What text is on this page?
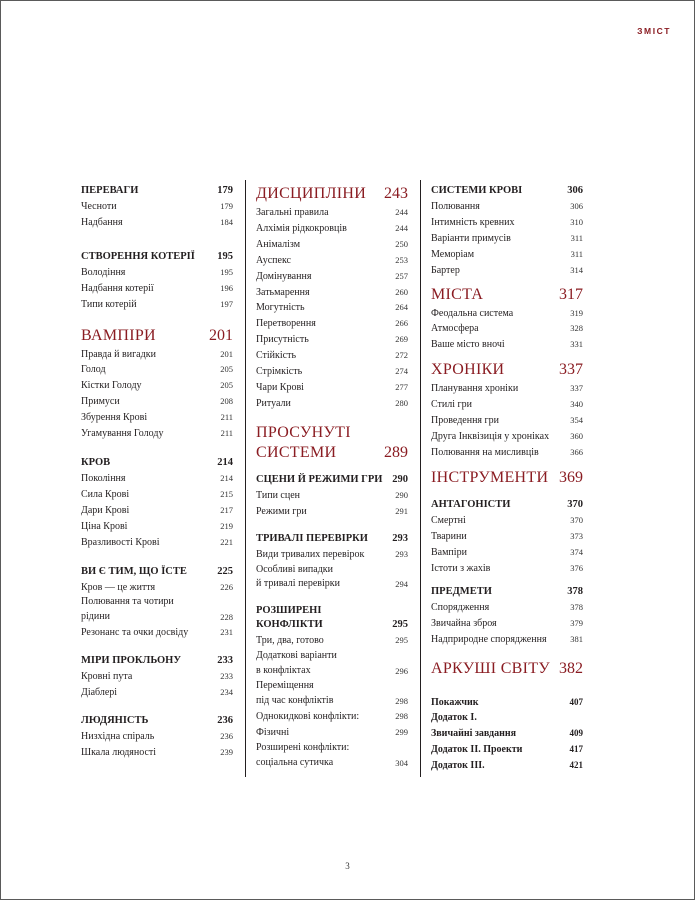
ЗМІСТ
ПЕРЕВАГИ	179
Чесноти	179
Надбання	184
СТВОРЕННЯ КОТЕРІЇ 195
Володіння	195
Надбання котерії	196
Типи котерій	197
ВАМПІРИ	201
Правда й вигадки	201
Голод	205
Кістки Голоду	205
Примуси	208
Збурення Крові	211
Угамування Голоду	211
КРОВ	214
Покоління	214
Сила Крові	215
Дари Крові	217
Ціна Крові	219
Вразливості Крові	221
ВИ Є ТИМ, ЩО ЇСТЕ	225
Кров — це життя	226
Полювання та чотири
рідини	228
Резонанс та очки досвіду	231
МІРИ ПРОКЛЬОНУ	233
Кровні пута	233
Діаблері	234
ЛЮДЯНІСТЬ	236
Низхідна спіраль	236
Шкала людяності	239
ДИСЦИПЛІНИ 243
Загальні правила	244
Алхімія рідкокровців	244
Анімалізм	250
Ауспекс	253
Домінування	257
Затьмарення	260
Могутність	264
Перетворення	266
Присутність	269
Стійкість	272
Стрімкість	274
Чари Крові	277
Ритуали	280
ПРОСУНУТІ
СИСТЕМИ	289
СЦЕНИ Й РЕЖИМИ ГРИ 290
Типи сцен	290
Режими гри	291
ТРИВАЛІ ПЕРЕВІРКИ 293
Види тривалих перевірок	293
Особливі випадки
й тривалі перевірки	294
РОЗШИРЕНІ
КОНФЛІКТИ	295
Три, два, готово	295
Додаткові варіанти
в конфліктах	296
Переміщення
під час конфліктів	298
Однокидкові конфлікти:	298
Фізичні	299
Розширені конфлікти:
соціальна сутичка	304
СИСТЕМИ КРОВІ	306
Полювання	306
Інтимність кревних	310
Варіанти примусів	311
Меморіам	311
Бартер	314
МІСТА	317
Феодальна система	319
Атмосфера	328
Ваше місто вночі	331
ХРОНІКИ	337
Планування хроніки	337
Стилі гри	340
Проведення гри	354
Друга Інквізиція у хроніках 360
Полювання на мисливців	366
ІНСТРУМЕНТИ 369
АНТАГОНІСТИ	370
Смертні	370
Тварини	373
Вампіри	374
Істоти з жахів	376
ПРЕДМЕТИ	378
Спорядження	378
Звичайна зброя	379
Надприродне спорядження	381
АРКУШІ СВІТУ 382
Покажчик	407
Додаток І.
Звичайні завдання	409
Додаток ІІ. Проекти	417
Додаток ІІІ.	421
3
